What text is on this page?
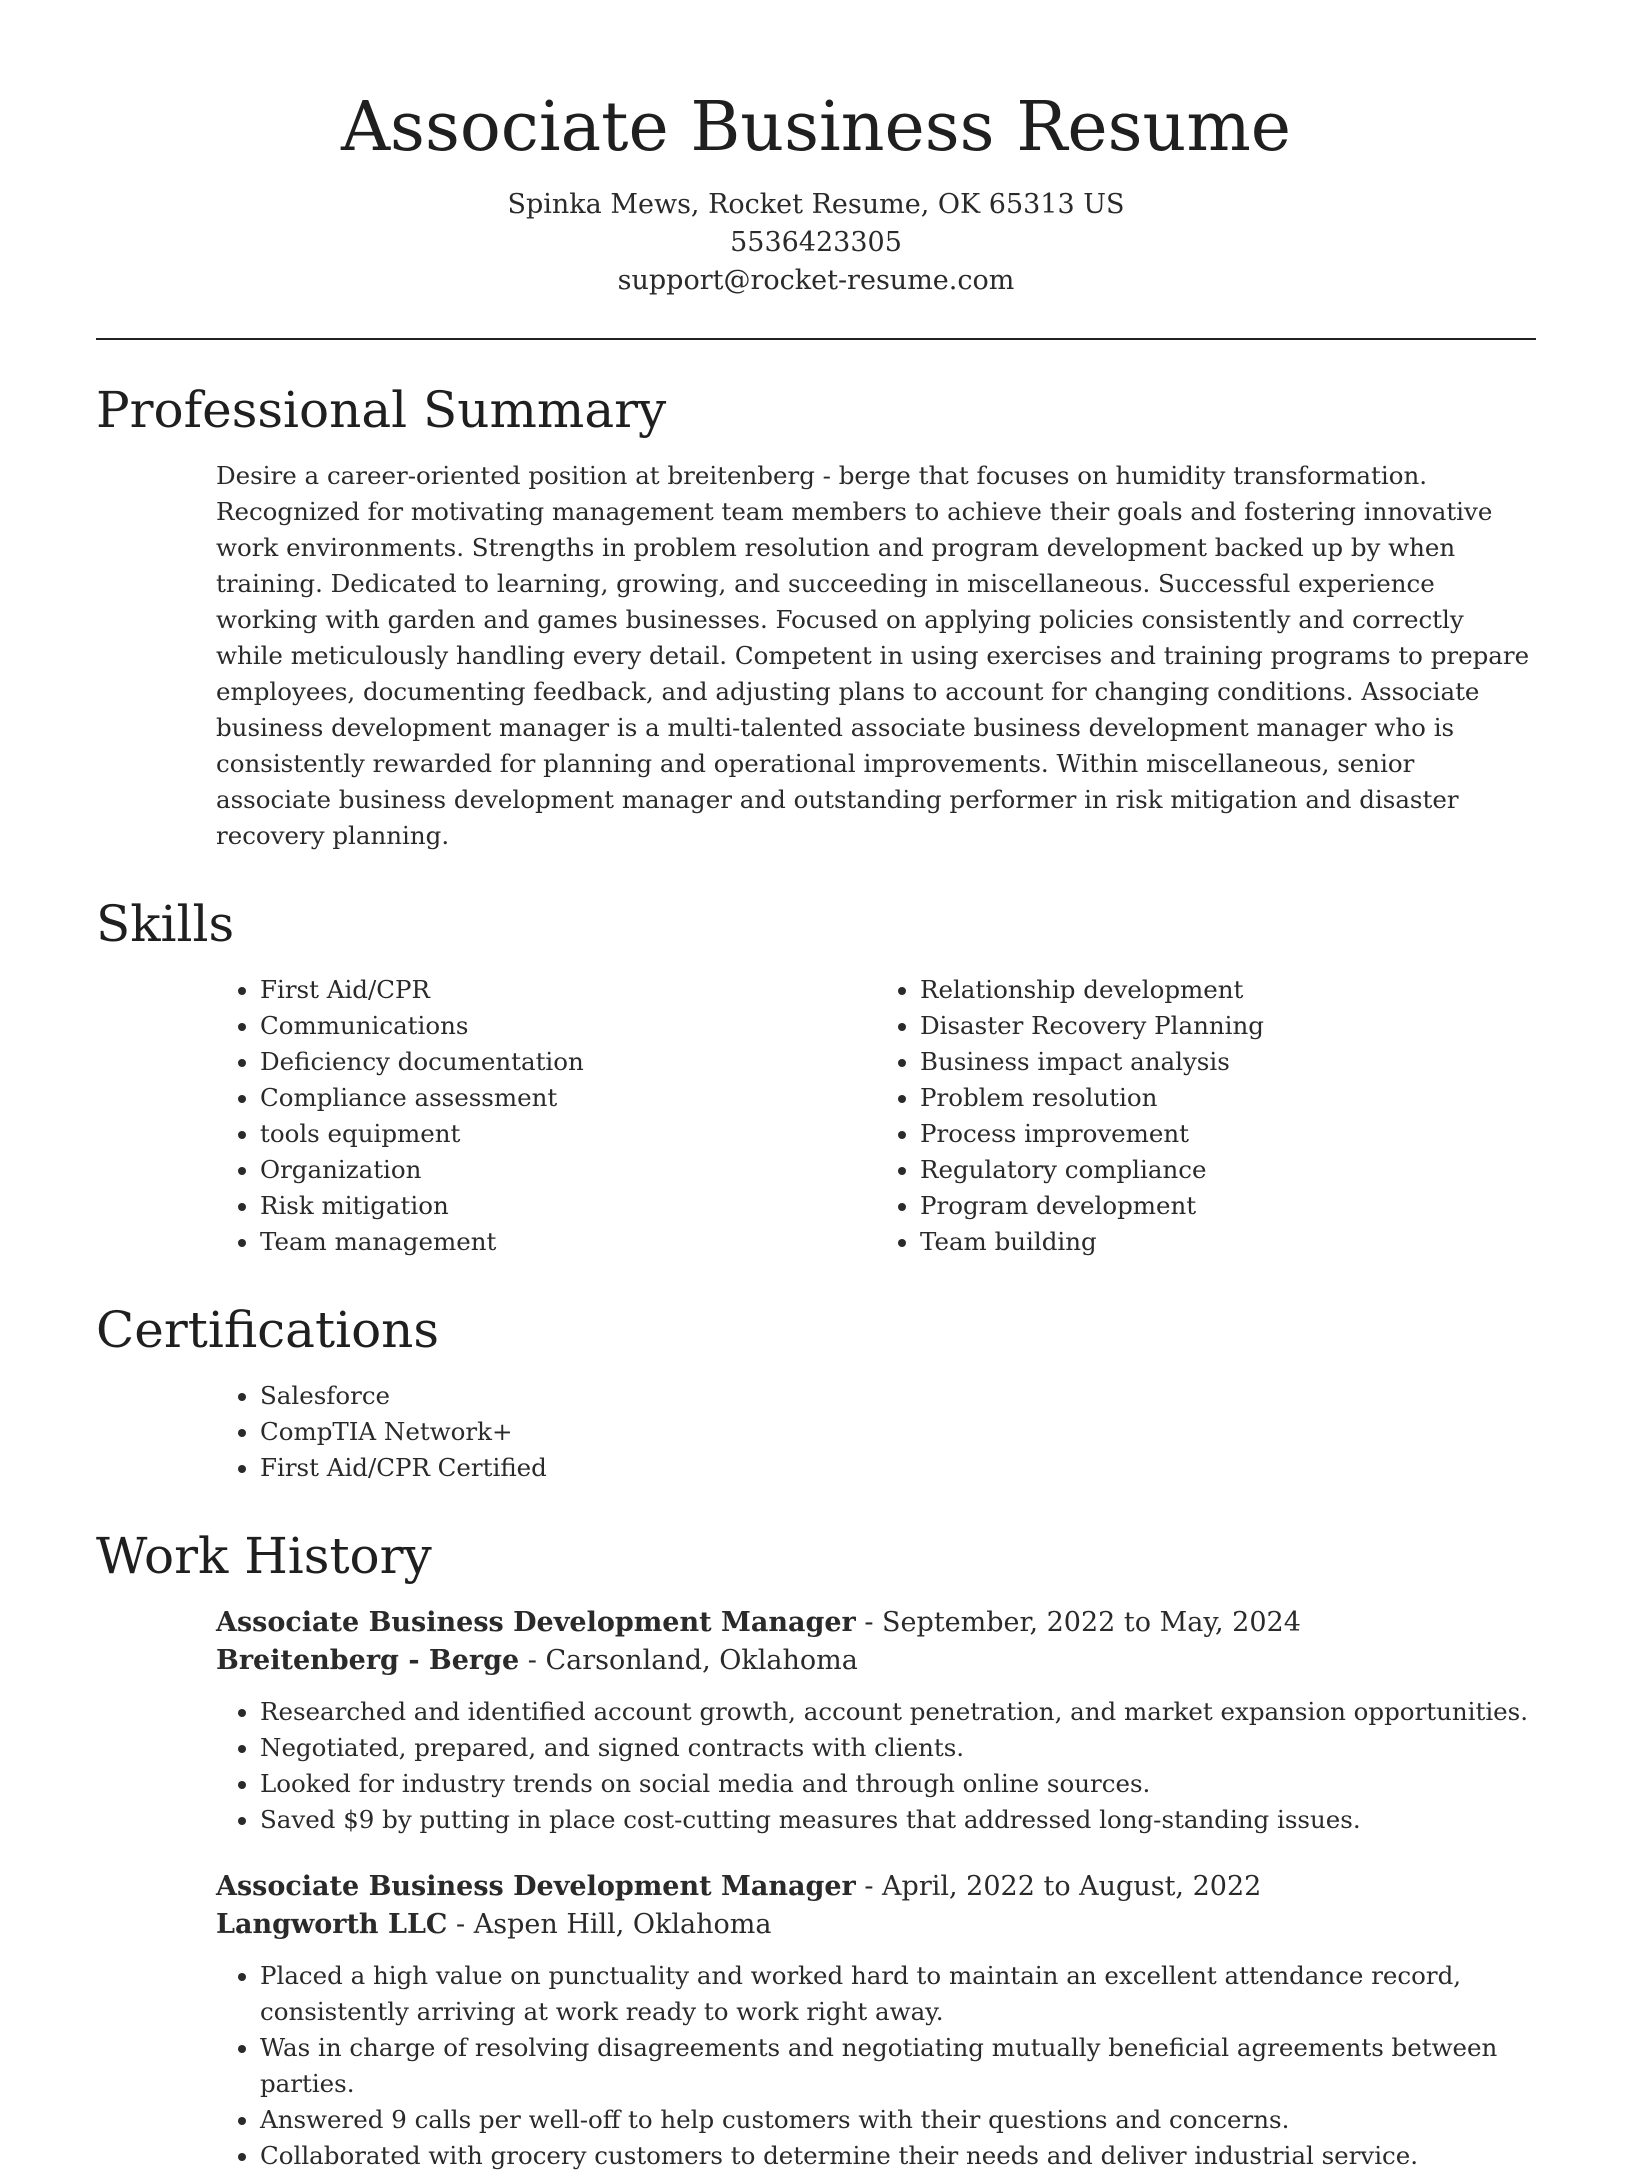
Associate Business Resume
Spinka Mews, Rocket Resume, OK 65313 US
5536423305
support@rocket-resume.com
Professional Summary

Desire a career-oriented position at breitenberg - berge that focuses on humidity transformation. Recognized for motivating management team members to achieve their goals and fostering innovative work environments. Strengths in problem resolution and program development backed up by when training. Dedicated to learning, growing, and succeeding in miscellaneous. Successful experience working with garden and games businesses. Focused on applying policies consistently and correctly while meticulously handling every detail. Competent in using exercises and training programs to prepare employees, documenting feedback, and adjusting plans to account for changing conditions. Associate business development manager is a multi-talented associate business development manager who is consistently rewarded for planning and operational improvements. Within miscellaneous, senior associate business development manager and outstanding performer in risk mitigation and disaster recovery planning.

Skills
• First Aid/CPR
• Communications
• Deficiency documentation
• Compliance assessment
• tools equipment
• Organization
• Risk mitigation
• Team management
• Relationship development
• Disaster Recovery Planning
• Business impact analysis
• Problem resolution
• Process improvement
• Regulatory compliance
• Program development
• Team building
Certifications
• Salesforce
• CompTIA Network+
• First Aid/CPR Certified
Work History

Associate Business Development Manager - September, 2022 to May, 2024

Breitenberg - Berge - Carsonland, Oklahoma

• Researched and identified account growth, account penetration, and market expansion opportunities.
• Negotiated, prepared, and signed contracts with clients.
• Looked for industry trends on social media and through online sources.
• Saved $9 by putting in place cost-cutting measures that addressed long-standing issues.

Associate Business Development Manager - April, 2022 to August, 2022

Langworth LLC - Aspen Hill, Oklahoma

• Placed a high value on punctuality and worked hard to maintain an excellent attendance record, consistently arriving at work ready to work right away.
• Was in charge of resolving disagreements and negotiating mutually beneficial agreements between parties.
• Answered 9 calls per well-off to help customers with their questions and concerns.
• Collaborated with grocery customers to determine their needs and deliver industrial service.
